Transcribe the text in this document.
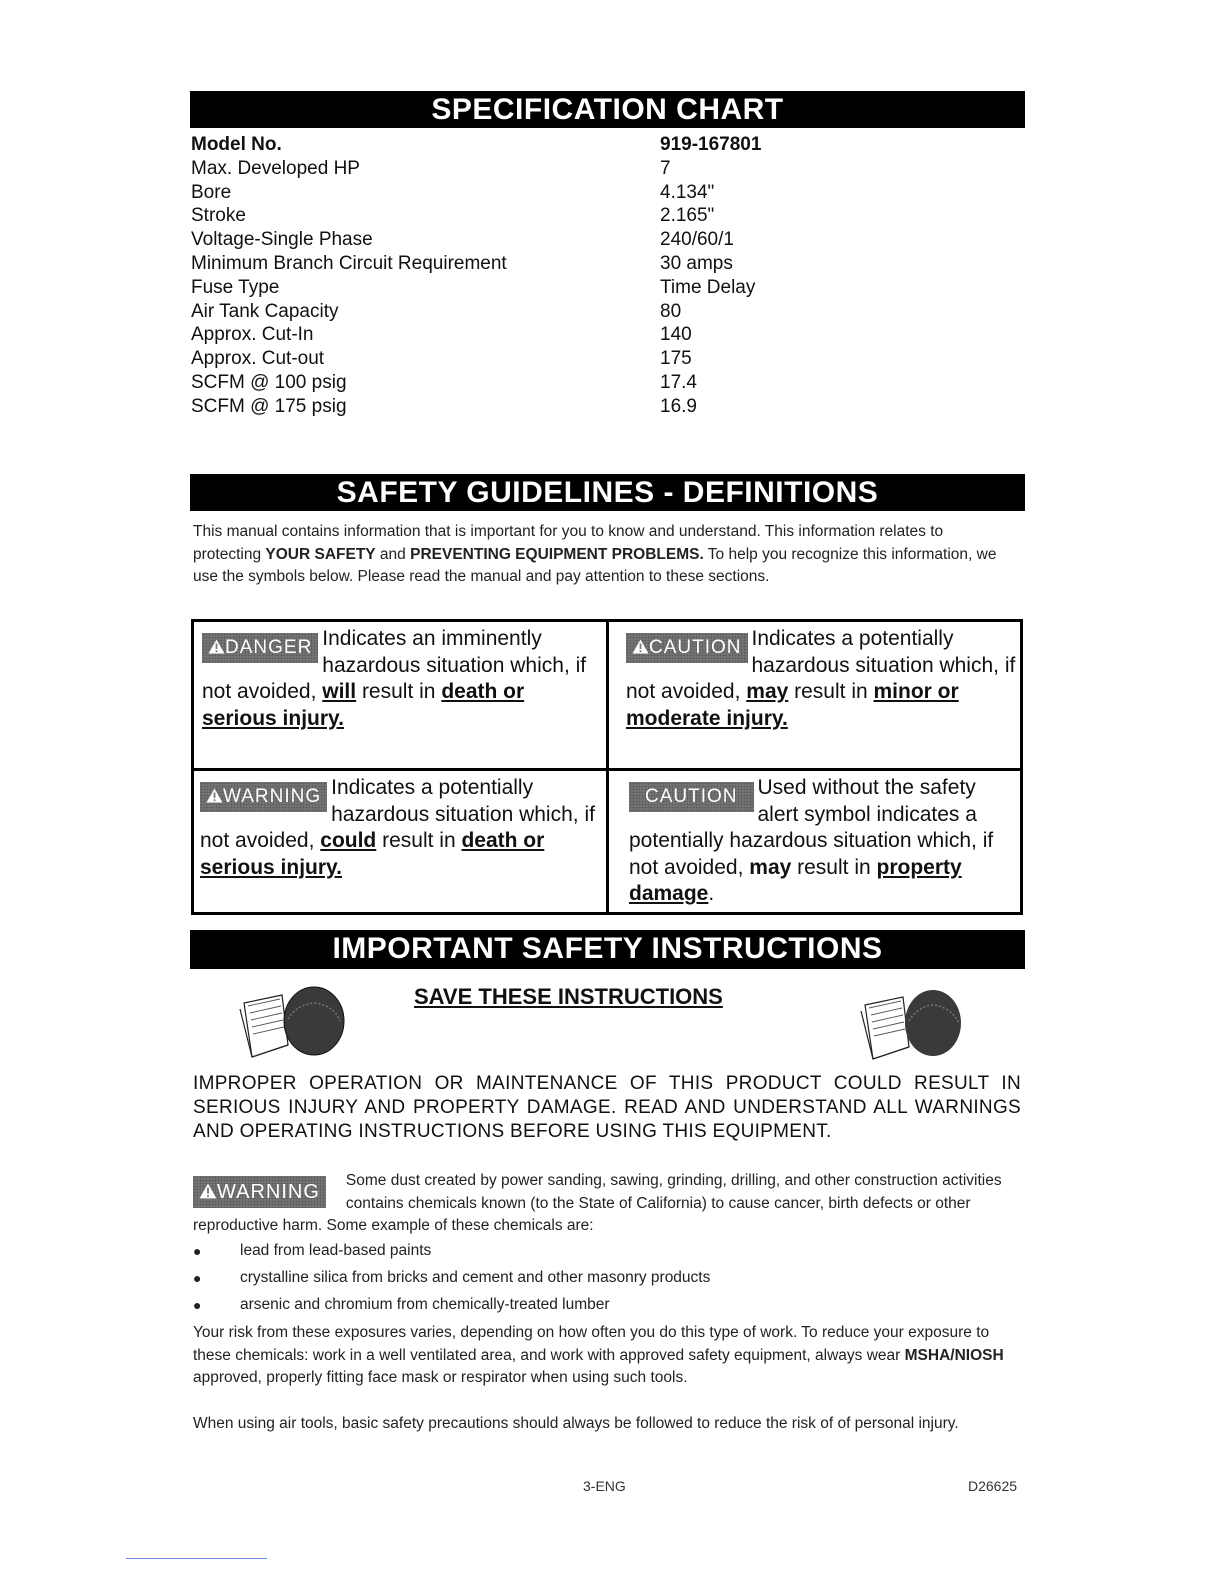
SPECIFICATION CHART
Model No.	919-167801
Max. Developed HP	7
Bore	4.134"
Stroke	2.165"
Voltage-Single Phase	240/60/1
Minimum Branch Circuit Requirement	30 amps
Fuse Type	Time Delay
Air Tank Capacity	80
Approx. Cut-In	140
Approx. Cut-out	175
SCFM @ 100 psig	17.4
SCFM @ 175 psig	16.9
SAFETY GUIDELINES - DEFINITIONS
This manual contains information that is important for you to know and understand. This information relates to protecting YOUR SAFETY and PREVENTING EQUIPMENT PROBLEMS. To help you recognize this information, we use the symbols below. Please read the manual and pay attention to these sections.
DANGER Indicates an imminently hazardous situation which, if not avoided, will result in death or serious injury.
CAUTION Indicates a potentially hazardous situation which, if not avoided, may result in minor or moderate injury.
WARNING Indicates a potentially hazardous situation which, if not avoided, could result in death or serious injury.
CAUTION Used without the safety alert symbol indicates a potentially hazardous situation which, if not avoided, may result in property damage.
IMPORTANT SAFETY INSTRUCTIONS
SAVE THESE INSTRUCTIONS
IMPROPER OPERATION OR MAINTENANCE OF THIS PRODUCT COULD RESULT IN SERIOUS INJURY AND PROPERTY DAMAGE. READ AND UNDERSTAND ALL WARNINGS AND OPERATING INSTRUCTIONS BEFORE USING THIS EQUIPMENT.
WARNING
Some dust created by power sanding, sawing, grinding, drilling, and other construction activities contains chemicals known (to the State of California) to cause cancer, birth defects or other reproductive harm. Some example of these chemicals are:
● lead from lead-based paints
● crystalline silica from bricks and cement and other masonry products
● arsenic and chromium from chemically-treated lumber
Your risk from these exposures varies, depending on how often you do this type of work. To reduce your exposure to these chemicals: work in a well ventilated area, and work with approved safety equipment, always wear MSHA/NIOSH approved, properly fitting face mask or respirator when using such tools.
When using air tools, basic safety precautions should always be followed to reduce the risk of of personal injury.
3-ENG	D26625
